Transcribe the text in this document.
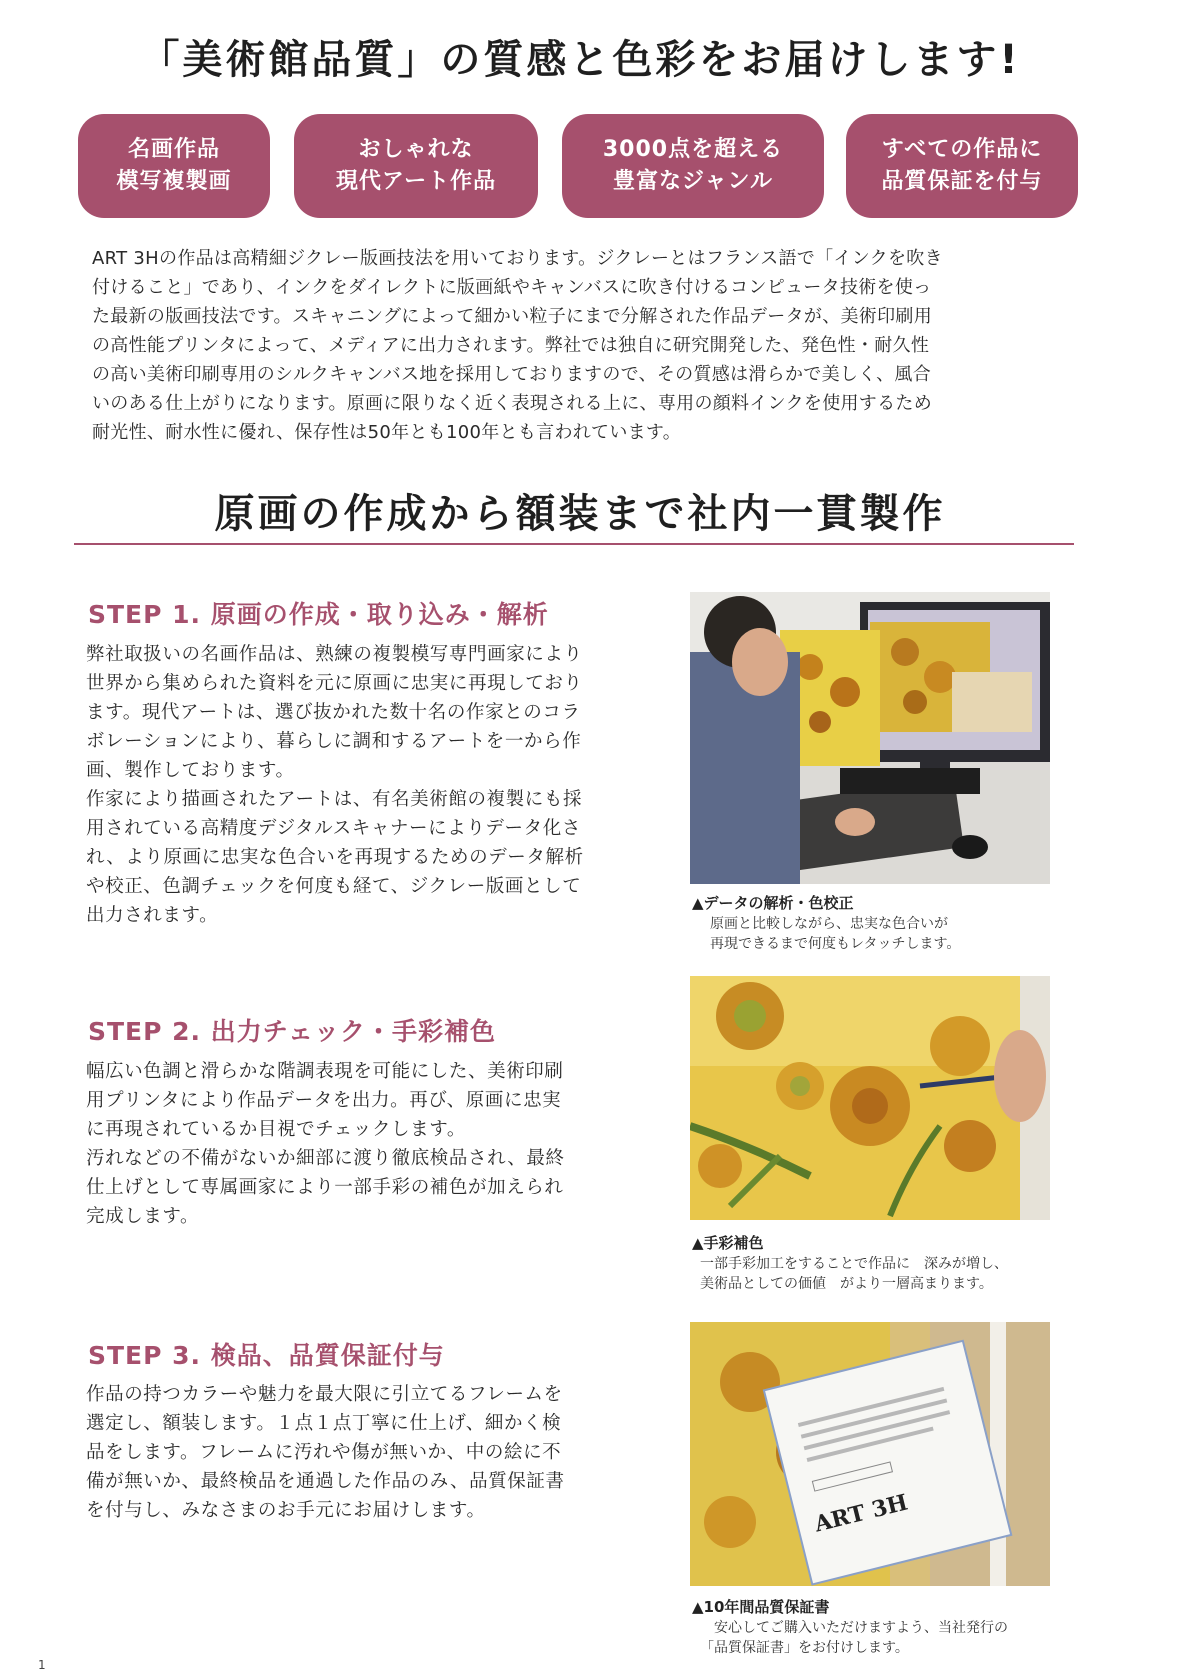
「美術館品質」の質感と色彩をお届けします!
名画作品
模写複製画
おしゃれな
現代アート作品
3000点を超える
豊富なジャンル
すべての作品に
品質保証を付与
ART 3Hの作品は高精細ジクレー版画技法を用いております。ジクレーとはフランス語で「インクを吹き
付けること」であり、インクをダイレクトに版画紙やキャンバスに吹き付けるコンピュータ技術を使っ
た最新の版画技法です。スキャニングによって細かい粒子にまで分解された作品データが、美術印刷用
の高性能プリンタによって、メディアに出力されます。弊社では独自に研究開発した、発色性・耐久性
の高い美術印刷専用のシルクキャンバス地を採用しておりますので、その質感は滑らかで美しく、風合
いのある仕上がりになります。原画に限りなく近く表現される上に、専用の顔料インクを使用するため
耐光性、耐水性に優れ、保存性は50年とも100年とも言われています。
原画の作成から額装まで社内一貫製作
STEP 1. 原画の作成・取り込み・解析

弊社取扱いの名画作品は、熟練の複製模写専門画家により

世界から集められた資料を元に原画に忠実に再現しており

ます。現代アートは、選び抜かれた数十名の作家とのコラ

ボレーションにより、暮らしに調和するアートを一から作

画、製作しております。

作家により描画されたアートは、有名美術館の複製にも採

用されている高精度デジタルスキャナーによりデータ化さ

れ、より原画に忠実な色合いを再現するためのデータ解析

や校正、色調チェックを何度も経て、ジクレー版画として

出力されます。

▲データの解析・色校正

原画と比較しながら、忠実な色合いが

再現できるまで何度もレタッチします。

STEP 2. 出力チェック・手彩補色

幅広い色調と滑らかな階調表現を可能にした、美術印刷

用プリンタにより作品データを出力。再び、原画に忠実

に再現されているか目視でチェックします。

汚れなどの不備がないか細部に渡り徹底検品され、最終

仕上げとして専属画家により一部手彩の補色が加えられ

完成します。

▲手彩補色

一部手彩加工をすることで作品に　深みが増し、

美術品としての価値　がより一層高まります。

STEP 3. 検品、品質保証付与

作品の持つカラーや魅力を最大限に引立てるフレームを

選定し、額装します。１点１点丁寧に仕上げ、細かく検

品をします。フレームに汚れや傷が無いか、中の絵に不

備が無いか、最終検品を通過した作品のみ、品質保証書

を付与し、みなさまのお手元にお届けします。	ART 3H
▲10年間品質保証書

　安心してご購入いただけますよう、当社発行の

「品質保証書」をお付けします。

1
